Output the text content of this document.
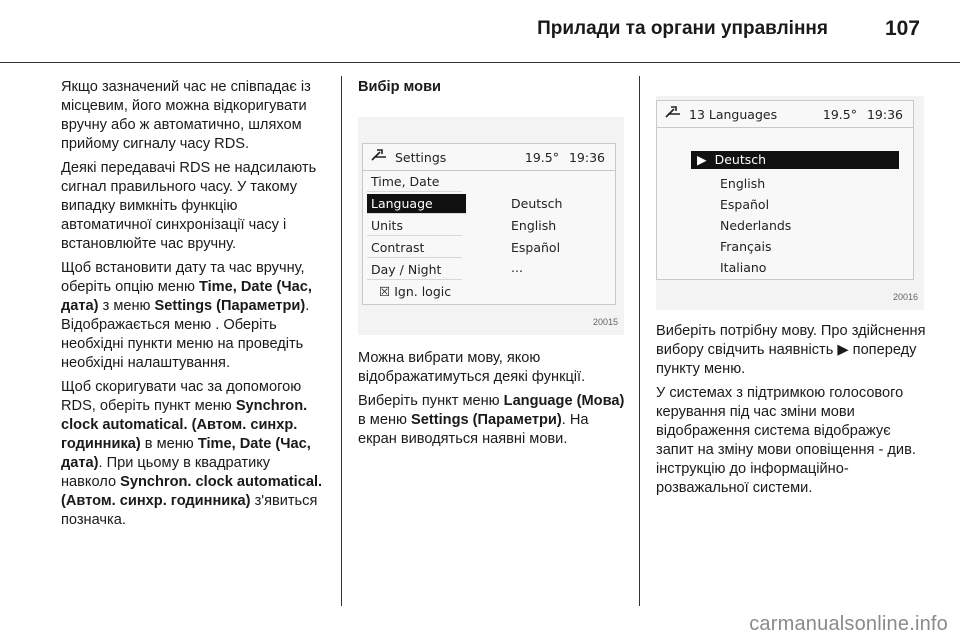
Прилади та органи управління	107

Якщо зазначений час не співпадає із місцевим, його можна відкоригувати вручну або ж автоматично, шляхом прийому сигналу часу RDS.

Деякі передавачі RDS не надсилають сигнал правильного часу. У такому випадку вимкніть функцію автоматичної синхронізації часу і встановлюйте час вручну.

Щоб встановити дату та час вручну, оберіть опцію меню Time, Date (Час, дата) з меню Settings (Параметри). Відображається меню . Оберіть необхідні пункти меню на проведіть необхідні налаштування.

Щоб скоригувати час за допомогою RDS, оберіть пункт меню Synchron. clock automatical. (Автом. синхр. годинника) в меню Time, Date (Час, дата). При цьому в квадратику навколо Synchron. clock automatical. (Автом. синхр. годинника) з'явиться позначка.

Вибір мови

Settings	19.5° 19:36
Time, Date
Language
Units
Contrast
Day / Night
☒ Ign. logic
Deutsch
English
Español
...
20015

Можна вибрати мову, якою відображатимуться деякі функції.

Виберіть пункт меню Language (Мова) в меню Settings (Параметри). На екран виводяться наявні мови.

13 Languages	19.5° 19:36
▶ Deutsch
English
Español
Nederlands
Français
Italiano
20016

Виберіть потрібну мову. Про здійснення вибору свідчить наявність ▶ попереду пункту меню.

У системах з підтримкою голосового керування під час зміни мови відображення система відображує запит на зміну мови оповіщення - див. інструкцію до інформаційно-розважальної системи.

carmanualsonline.info
